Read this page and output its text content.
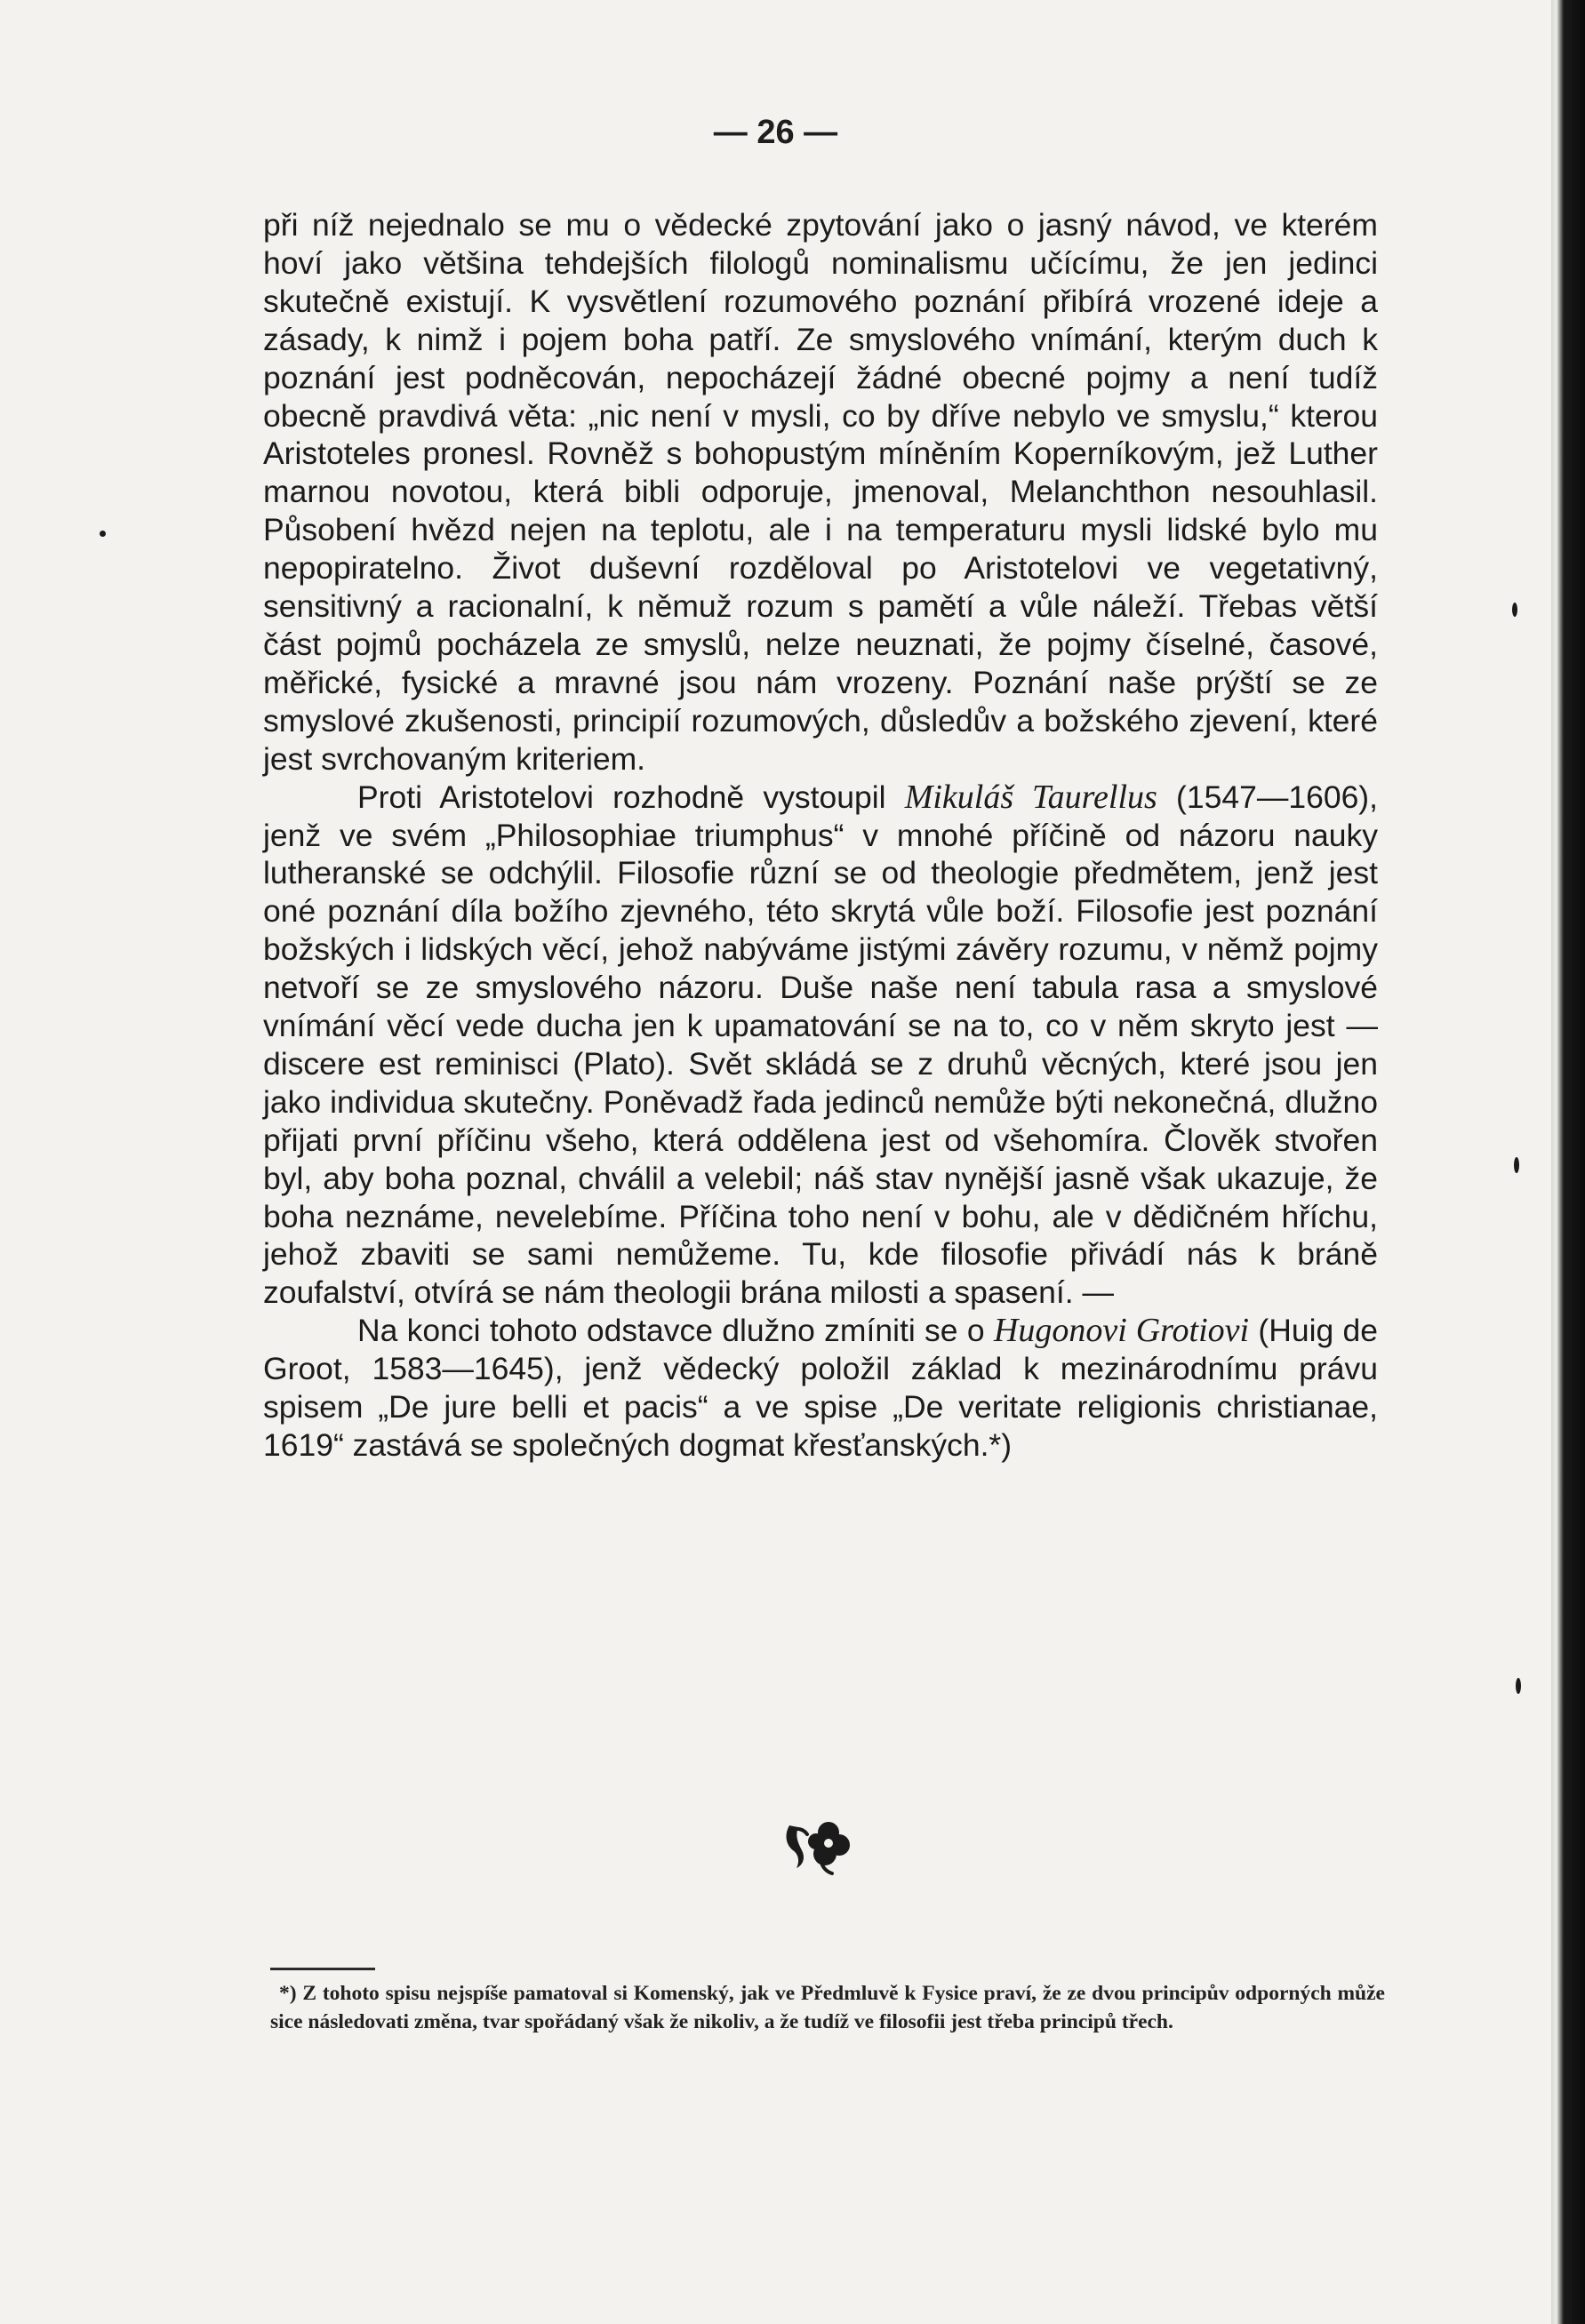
— 26 —

při níž nejednalo se mu o vědecké zpytování jako o jasný návod, ve kterém hoví jako většina tehdejších filologů nominalismu učícímu, že jen jedinci skutečně existují. K vysvětlení rozumového poznání přibírá vrozené ideje a zásady, k nimž i pojem boha patří. Ze smyslového vnímání, kterým duch k poznání jest podněcován, nepocházejí žádné obecné pojmy a není tudíž obecně pravdivá věta: „nic není v mysli, co by dříve nebylo ve smyslu,“ kterou Aristoteles pronesl. Rovněž s bohopustým míněním Koperníkovým, jež Luther marnou novotou, která bibli odporuje, jmenoval, Melanchthon nesouhlasil. Působení hvězd nejen na teplotu, ale i na temperaturu mysli lidské bylo mu nepopiratelno. Život duševní rozděloval po Aristotelovi ve vegetativný, sensitivný a racionalní, k němuž rozum s pamětí a vůle náleží. Třebas větší část pojmů pocházela ze smyslů, nelze neuznati, že pojmy číselné, časové, měřické, fysické a mravné jsou nám vrozeny. Poznání naše prýští se ze smyslové zkušenosti, principií rozumových, důsledův a božského zjevení, které jest svrchovaným kriteriem.

Proti Aristotelovi rozhodně vystoupil Mikuláš Taurellus (1547—1606), jenž ve svém „Philosophiae triumphus“ v mnohé příčině od názoru nauky lutheranské se odchýlil. Filosofie různí se od theologie předmětem, jenž jest oné poznání díla božího zjevného, této skrytá vůle boží. Filosofie jest poznání božských i lidských věcí, jehož nabýváme jistými závěry rozumu, v němž pojmy netvoří se ze smyslového názoru. Duše naše není tabula rasa a smyslové vnímání věcí vede ducha jen k upamatování se na to, co v něm skryto jest — discere est reminisci (Plato). Svět skládá se z druhů věcných, které jsou jen jako individua skutečny. Poněvadž řada jedinců nemůže býti nekonečná, dlužno přijati první příčinu všeho, která oddělena jest od všehomíra. Člověk stvořen byl, aby boha poznal, chválil a velebil; náš stav nynější jasně však ukazuje, že boha neznáme, nevelebíme. Příčina toho není v bohu, ale v dědičném hříchu, jehož zbaviti se sami nemůžeme. Tu, kde filosofie přivádí nás k bráně zoufalství, otvírá se nám theologii brána milosti a spasení. —

Na konci tohoto odstavce dlužno zmíniti se o Hugonovi Grotiovi (Huig de Groot, 1583—1645), jenž vědecký položil základ k mezinárodnímu právu spisem „De jure belli et pacis“ a ve spise „De veritate religionis christianae, 1619“ zastává se společných dogmat křesťanských.*)

*) Z tohoto spisu nejspíše pamatoval si Komenský, jak ve Předmluvě k Fysice praví, že ze dvou principův odporných může sice následovati změna, tvar spořádaný však že nikoliv, a že tudíž ve filosofii jest třeba principů třech.
